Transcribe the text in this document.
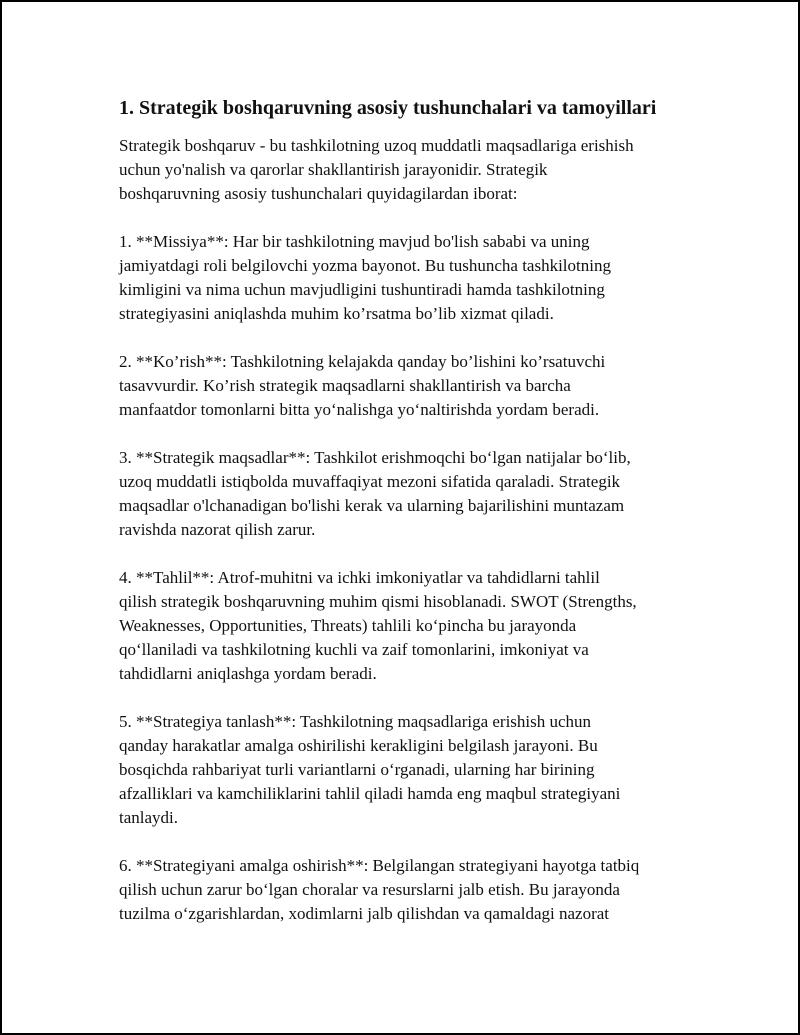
1. Strategik boshqaruvning asosiy tushunchalari va tamoyillari

Strategik boshqaruv - bu tashkilotning uzoq muddatli maqsadlariga erishish
uchun yo'nalish va qarorlar shakllantirish jarayonidir. Strategik
boshqaruvning asosiy tushunchalari quyidagilardan iborat:

1. **Missiya**: Har bir tashkilotning mavjud bo'lish sababi va uning
jamiyatdagi roli belgilovchi yozma bayonot. Bu tushuncha tashkilotning
kimligini va nima uchun mavjudligini tushuntiradi hamda tashkilotning
strategiyasini aniqlashda muhim ko’rsatma bo’lib xizmat qiladi.

2. **Ko’rish**: Tashkilotning kelajakda qanday bo’lishini ko’rsatuvchi
tasavvurdir. Ko’rish strategik maqsadlarni shakllantirish va barcha
manfaatdor tomonlarni bitta yo‘nalishga yo‘naltirishda yordam beradi.

3. **Strategik maqsadlar**: Tashkilot erishmoqchi bo‘lgan natijalar bo‘lib,
uzoq muddatli istiqbolda muvaffaqiyat mezoni sifatida qaraladi. Strategik
maqsadlar o'lchanadigan bo'lishi kerak va ularning bajarilishini muntazam
ravishda nazorat qilish zarur.

4. **Tahlil**: Atrof-muhitni va ichki imkoniyatlar va tahdidlarni tahlil
qilish strategik boshqaruvning muhim qismi hisoblanadi. SWOT (Strengths,
Weaknesses, Opportunities, Threats) tahlili ko‘pincha bu jarayonda
qo‘llaniladi va tashkilotning kuchli va zaif tomonlarini, imkoniyat va
tahdidlarni aniqlashga yordam beradi.

5. **Strategiya tanlash**: Tashkilotning maqsadlariga erishish uchun
qanday harakatlar amalga oshirilishi kerakligini belgilash jarayoni. Bu
bosqichda rahbariyat turli variantlarni o‘rganadi, ularning har birining
afzalliklari va kamchiliklarini tahlil qiladi hamda eng maqbul strategiyani
tanlaydi.

6. **Strategiyani amalga oshirish**: Belgilangan strategiyani hayotga tatbiq
qilish uchun zarur bo‘lgan choralar va resurslarni jalb etish. Bu jarayonda
tuzilma o‘zgarishlardan, xodimlarni jalb qilishdan va qamaldagi nazorat
